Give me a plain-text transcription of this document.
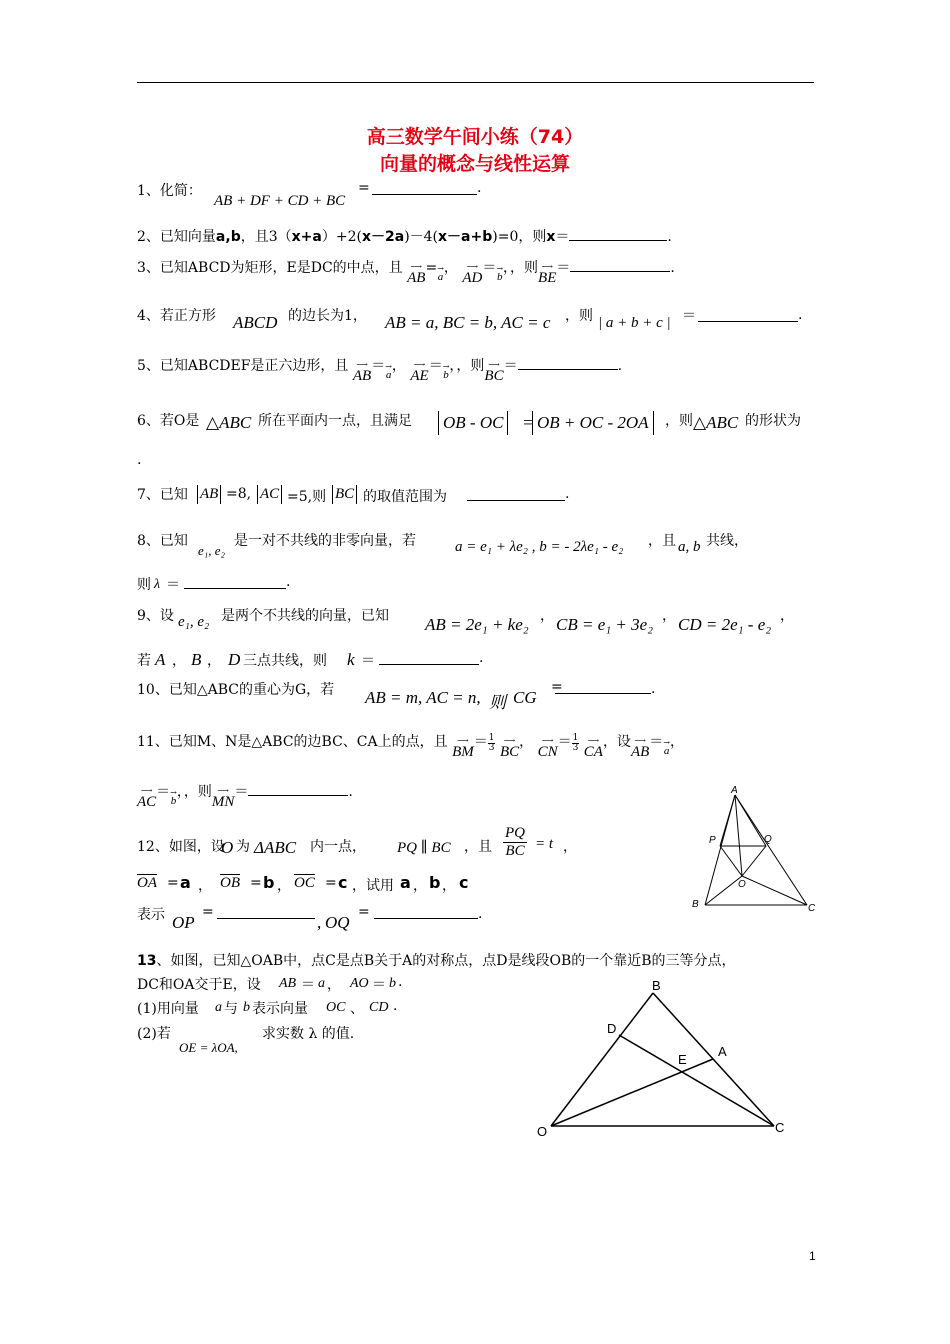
高三数学午间小练（74）
向量的概念与线性运算
1、化简：
AB + DF + CD + BC
=	.
2、已知向量a,b，且3（x+a）+2(x－2a)－4(x－a+b)=0，则x＝	.
3、已知ABCD为矩形，E是DC的中点，且 ⟶
AB
=→
a
， ⟶
AD
＝→
b
，，则 ⟶
BE
＝	.
4、若正方形 ABCD 的边长为1， AB = a, BC = b, AC = c ，则 | a + b + c | ＝	.
5、已知ABCDEF是正六边形，且 ⟶
AB
＝→
a
， ⟶
AE
＝→
b
，，则 ⟶
BC
＝	.
6、若O是 △ABC 所在平面内一点，且满足 OB - OC = OB + OC - 2OA	，则 △ABC 的形状为
.
7、已知 AB =8, AC =5,则 BC 的取值范围为	.
8、已知
e₁, e₂
是一对不共线的非零向量，若	a = e₁ + λe₂ , b = - 2λe₁ - e₂ ，且 a, b 共线，
则 λ ＝	.
9、设 e₁, e₂ 是两个不共线的向量，已知 AB = 2e₁ + ke₂ ， CB = e₁ + 3e₂ ， CD = 2e₁ - e₂ ，
若 A ， B ， D 三点共线，则 k ＝	.
10、已知△ABC的重心为G，若 AB = m, AC = n, 则 CG
=	.
11、已知M、N是△ABC的边BC、CA上的点，且	⟶
BM
＝ $\frac{1}{3}$	⟶
BC
， ⟶
CN
＝ $\frac{1}{3}$	⟶
CA
，设 ⟶
AB
＝→
a
，
⟶
AC
＝→
b
，，则 ⟶
MN
＝	.
12、如图，设
O 为 ΔABC 内一点， PQ ∥ BC ，且 $\frac{PQ}{BC} = t$ ，
$\overline{OA} = a$ ， $\overline{OB} = b$ ， $\overline{OC} = c$ ，试用 a ， b ， c
表示 OP
=
, OQ
=	.
A
B	C
P	Q
O
13、如图，已知△OAB中，点C是点B关于A的对称点，点D是线段OB的一个靠近B的三等分点，
DC和OA交于E，设 AB ＝ a ， AO ＝ b .
(1)用向量 a 与 b 表示向量 OC 、 CD .
(2)若
OE = λOA,
求实数 λ 的值.
B
D
E
A
O	C
1
